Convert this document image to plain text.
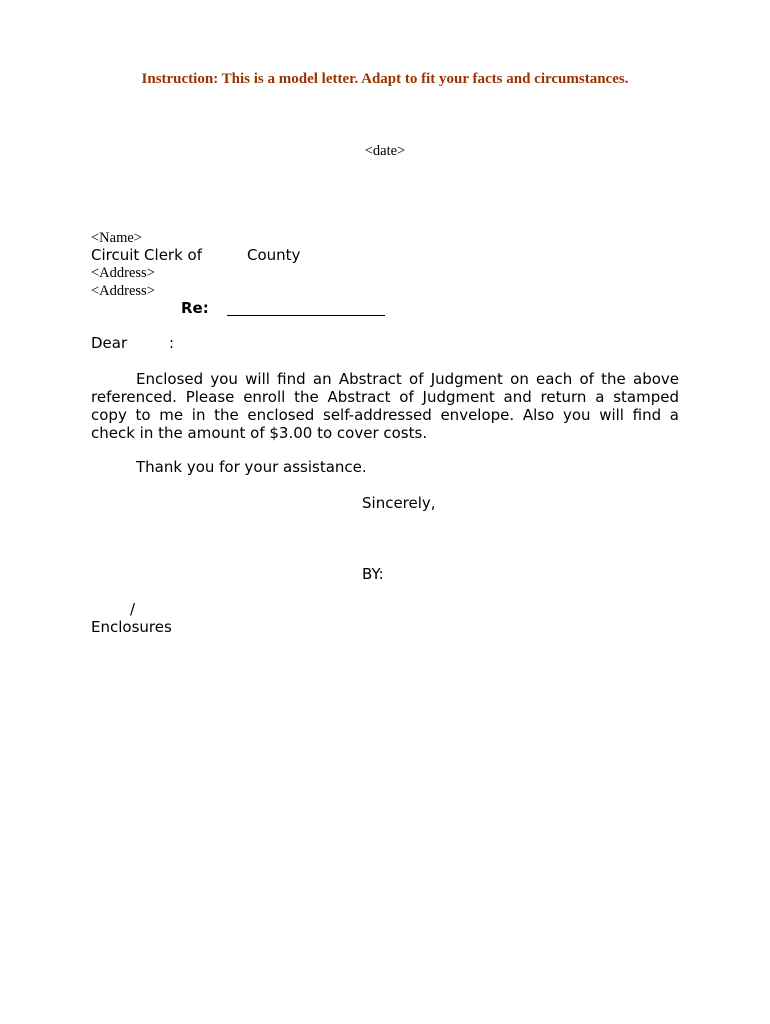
Instruction: This is a model letter. Adapt to fit your facts and circumstances.
<date>
<Name>
Circuit Clerk of	County
<Address>
<Address>
Re:
Dear	:
Enclosed you will find an Abstract of Judgment on each of the above referenced. Please enroll the Abstract of Judgment and return a stamped copy to me in the enclosed self-addressed envelope. Also you will find a check in the amount of $3.00 to cover costs.
Thank you for your assistance.
Sincerely,
BY:
/
Enclosures
